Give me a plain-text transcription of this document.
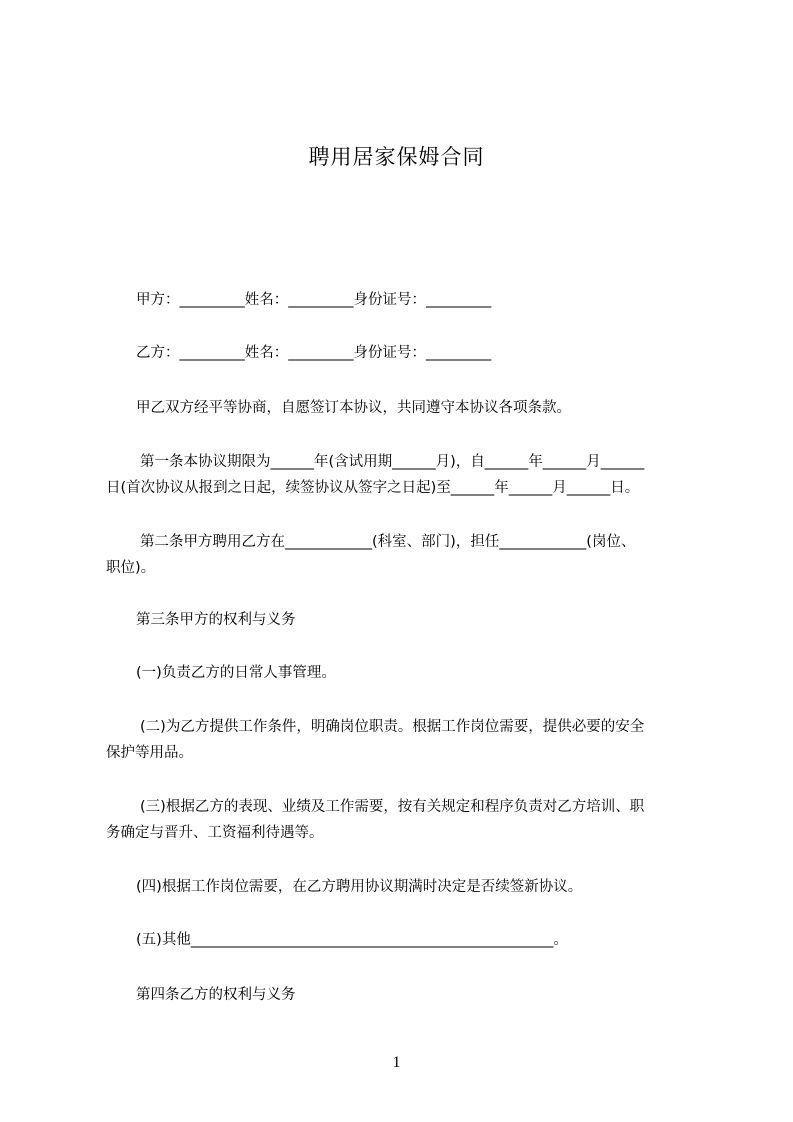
聘用居家保姆合同
甲方：_________姓名：_________身份证号：_________
乙方：_________姓名：_________身份证号：_________
甲乙双方经平等协商，自愿签订本协议，共同遵守本协议各项条款。
第一条本协议期限为______年(含试用期______月)，自______年______月______
日(首次协议从报到之日起，续签协议从签字之日起)至______年______月______日。
第二条甲方聘用乙方在____________(科室、部门)，担任____________(岗位、
职位)。
第三条甲方的权利与义务
(一)负责乙方的日常人事管理。
(二)为乙方提供工作条件，明确岗位职责。根据工作岗位需要，提供必要的安全
保护等用品。
(三)根据乙方的表现、业绩及工作需要，按有关规定和程序负责对乙方培训、职
务确定与晋升、工资福利待遇等。
(四)根据工作岗位需要，在乙方聘用协议期满时决定是否续签新协议。
(五)其他__________________________________________________。
第四条乙方的权利与义务
1
